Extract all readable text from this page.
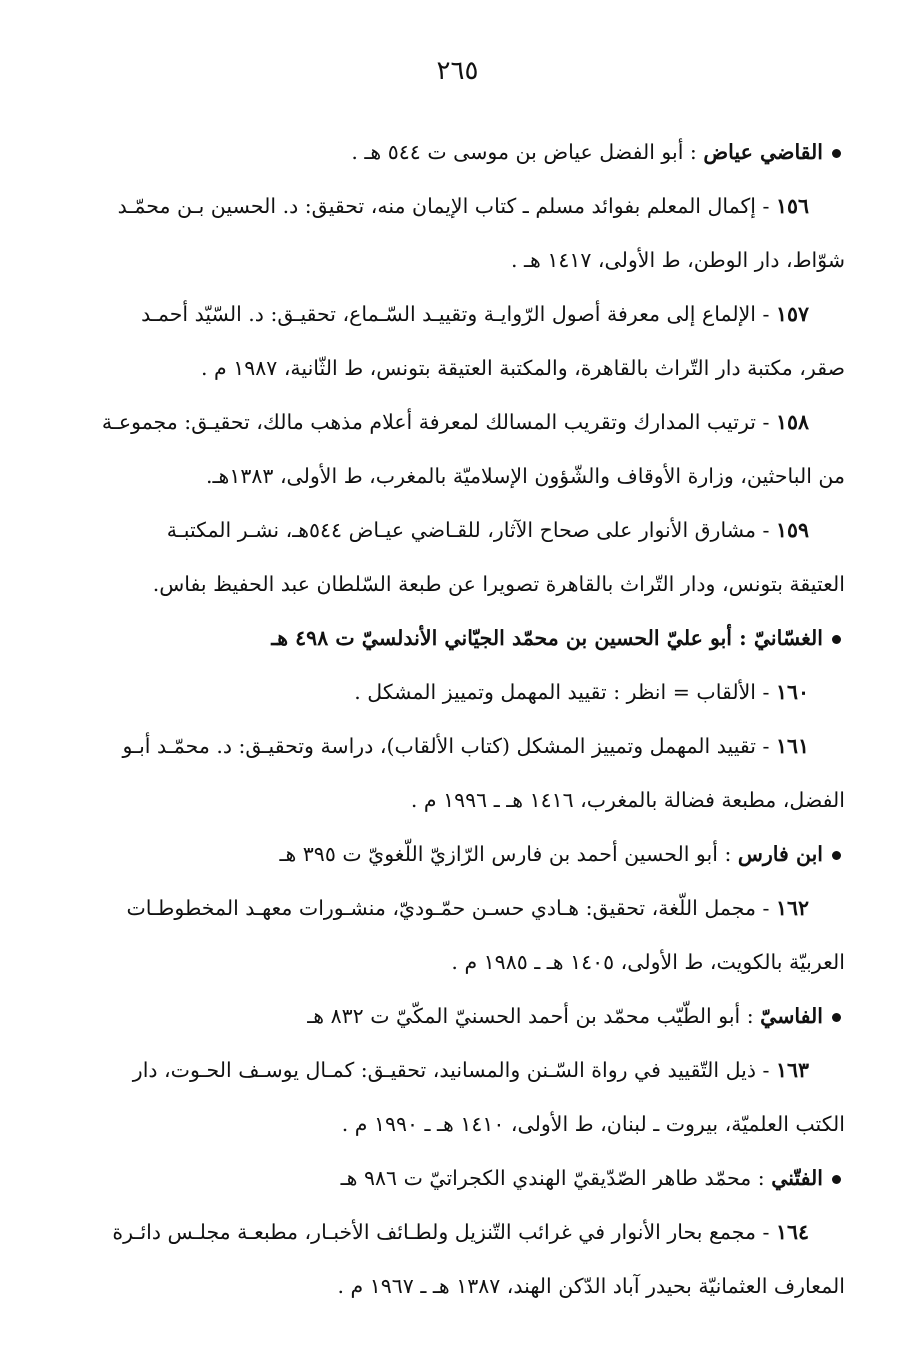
٢٦٥
القاضي عياض : أبو الفضل عياض بن موسى ت ٥٤٤ هـ .
١٥٦ - إكمال المعلم بفوائد مسلم ـ كتاب الإيمان منه، تحقيق: د. الحسين بـن محمّـد
شوّاط، دار الوطن، ط الأولى، ١٤١٧ هـ .
١٥٧ - الإلماع إلى معرفة أصول الرّوايـة وتقييـد السّـماع، تحقيـق: د. السّيّد أحمـد
صقر، مكتبة دار التّراث بالقاهرة، والمكتبة العتيقة بتونس، ط الثّانية، ١٩٨٧ م .
١٥٨ - ترتيب المدارك وتقريب المسالك لمعرفة أعلام مذهب مالك، تحقيـق: مجموعـة
من الباحثين، وزارة الأوقاف والشّؤون الإسلاميّة بالمغرب، ط الأولى، ١٣٨٣هـ.
١٥٩ - مشارق الأنوار على صحاح الآثار، للقـاضي عيـاض ٥٤٤هـ، نشـر المكتبـة
العتيقة بتونس، ودار التّراث بالقاهرة تصويرا عن طبعة السّلطان عبد الحفيظ بفاس.
الغسّانيّ : أبو عليّ الحسين بن محمّد الجيّاني الأندلسيّ ت ٤٩٨ هـ
١٦٠ - الألقاب = انظر : تقييد المهمل وتمييز المشكل .
١٦١ - تقييد المهمل وتمييز المشكل (كتاب الألقاب)، دراسة وتحقيـق: د. محمّـد أبـو
الفضل، مطبعة فضالة بالمغرب، ١٤١٦ هـ ـ ١٩٩٦ م .
ابن فارس : أبو الحسين أحمد بن فارس الرّازيّ اللّغويّ ت ٣٩٥ هـ
١٦٢ - مجمل اللّغة، تحقيق: هـادي حسـن حمّـوديّ، منشـورات معهـد المخطوطـات
العربيّة بالكويت، ط الأولى، ١٤٠٥ هـ ـ ١٩٨٥ م .
الفاسيّ : أبو الطّيّب محمّد بن أحمد الحسنيّ المكّيّ ت ٨٣٢ هـ
١٦٣ - ذيل التّقييد في رواة السّـنن والمسانيد، تحقيـق: كمـال يوسـف الحـوت، دار
الكتب العلميّة، بيروت ـ لبنان، ط الأولى، ١٤١٠ هـ ـ ١٩٩٠ م .
الفتّني : محمّد طاهر الصّدّيقيّ الهندي الكجراتيّ ت ٩٨٦ هـ
١٦٤ - مجمع بحار الأنوار في غرائب التّنزيل ولطـائف الأخبـار، مطبعـة مجلـس دائـرة
المعارف العثمانيّة بحيدر آباد الدّكن الهند، ١٣٨٧ هـ ـ ١٩٦٧ م .
